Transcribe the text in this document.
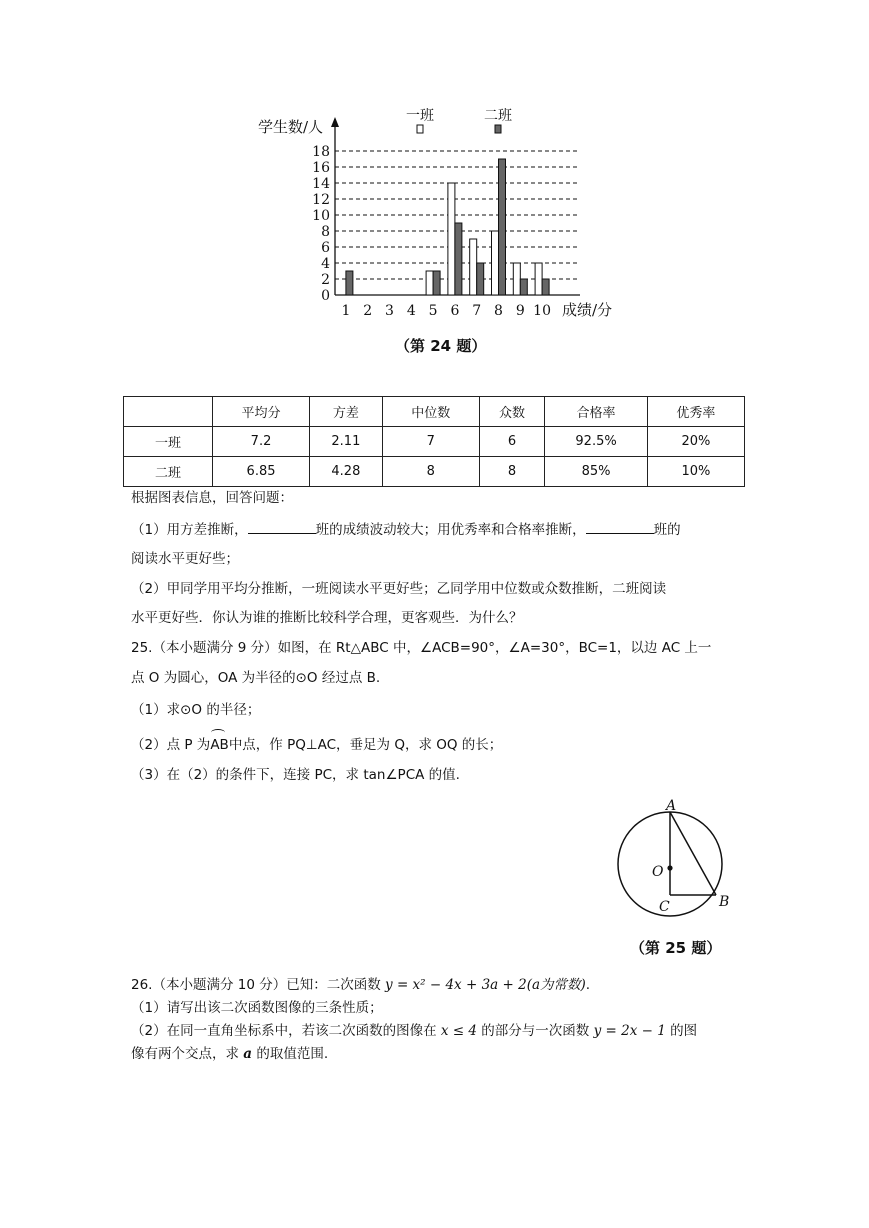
0
2
4
6
8
10
12
14
16
18
学生数/人
成绩/分
1 2 3 4 5 6 7 8 9 10
一班	二班
（第 24 题）
	平均分	方差	中位数	众数	合格率	优秀率
一班	7.2	2.11	7	6	92.5%	20%
二班	6.85	4.28	8	8	85%	10%
根据图表信息，回答问题：
（1）用方差推断，	班的成绩波动较大；用优秀率和合格率推断，	班的
阅读水平更好些；
（2）甲同学用平均分推断，一班阅读水平更好些；乙同学用中位数或众数推断，二班阅读
水平更好些．你认为谁的推断比较科学合理，更客观些．为什么？
25.（本小题满分 9 分）如图，在 Rt△ABC 中，∠ACB=90°，∠A=30°，BC=1，以边 AC 上一
点 O 为圆心，OA 为半径的⊙O 经过点 B.
（1）求⊙O 的半径；
（2）点 P 为
AB中点，作 PQ⊥AC，垂足为 Q，求 OQ 的长；
（3）在（2）的条件下，连接 PC，求 tan∠PCA 的值.
A
O
C	B
（第 25 题）
26.（本小题满分 10 分）已知：二次函数 y = x² − 4x + 3a + 2(a为常数).
（1）请写出该二次函数图像的三条性质；
（2）在同一直角坐标系中，若该二次函数的图像在 x ≤ 4 的部分与一次函数 y = 2x − 1 的图
像有两个交点，求 a 的取值范围.
